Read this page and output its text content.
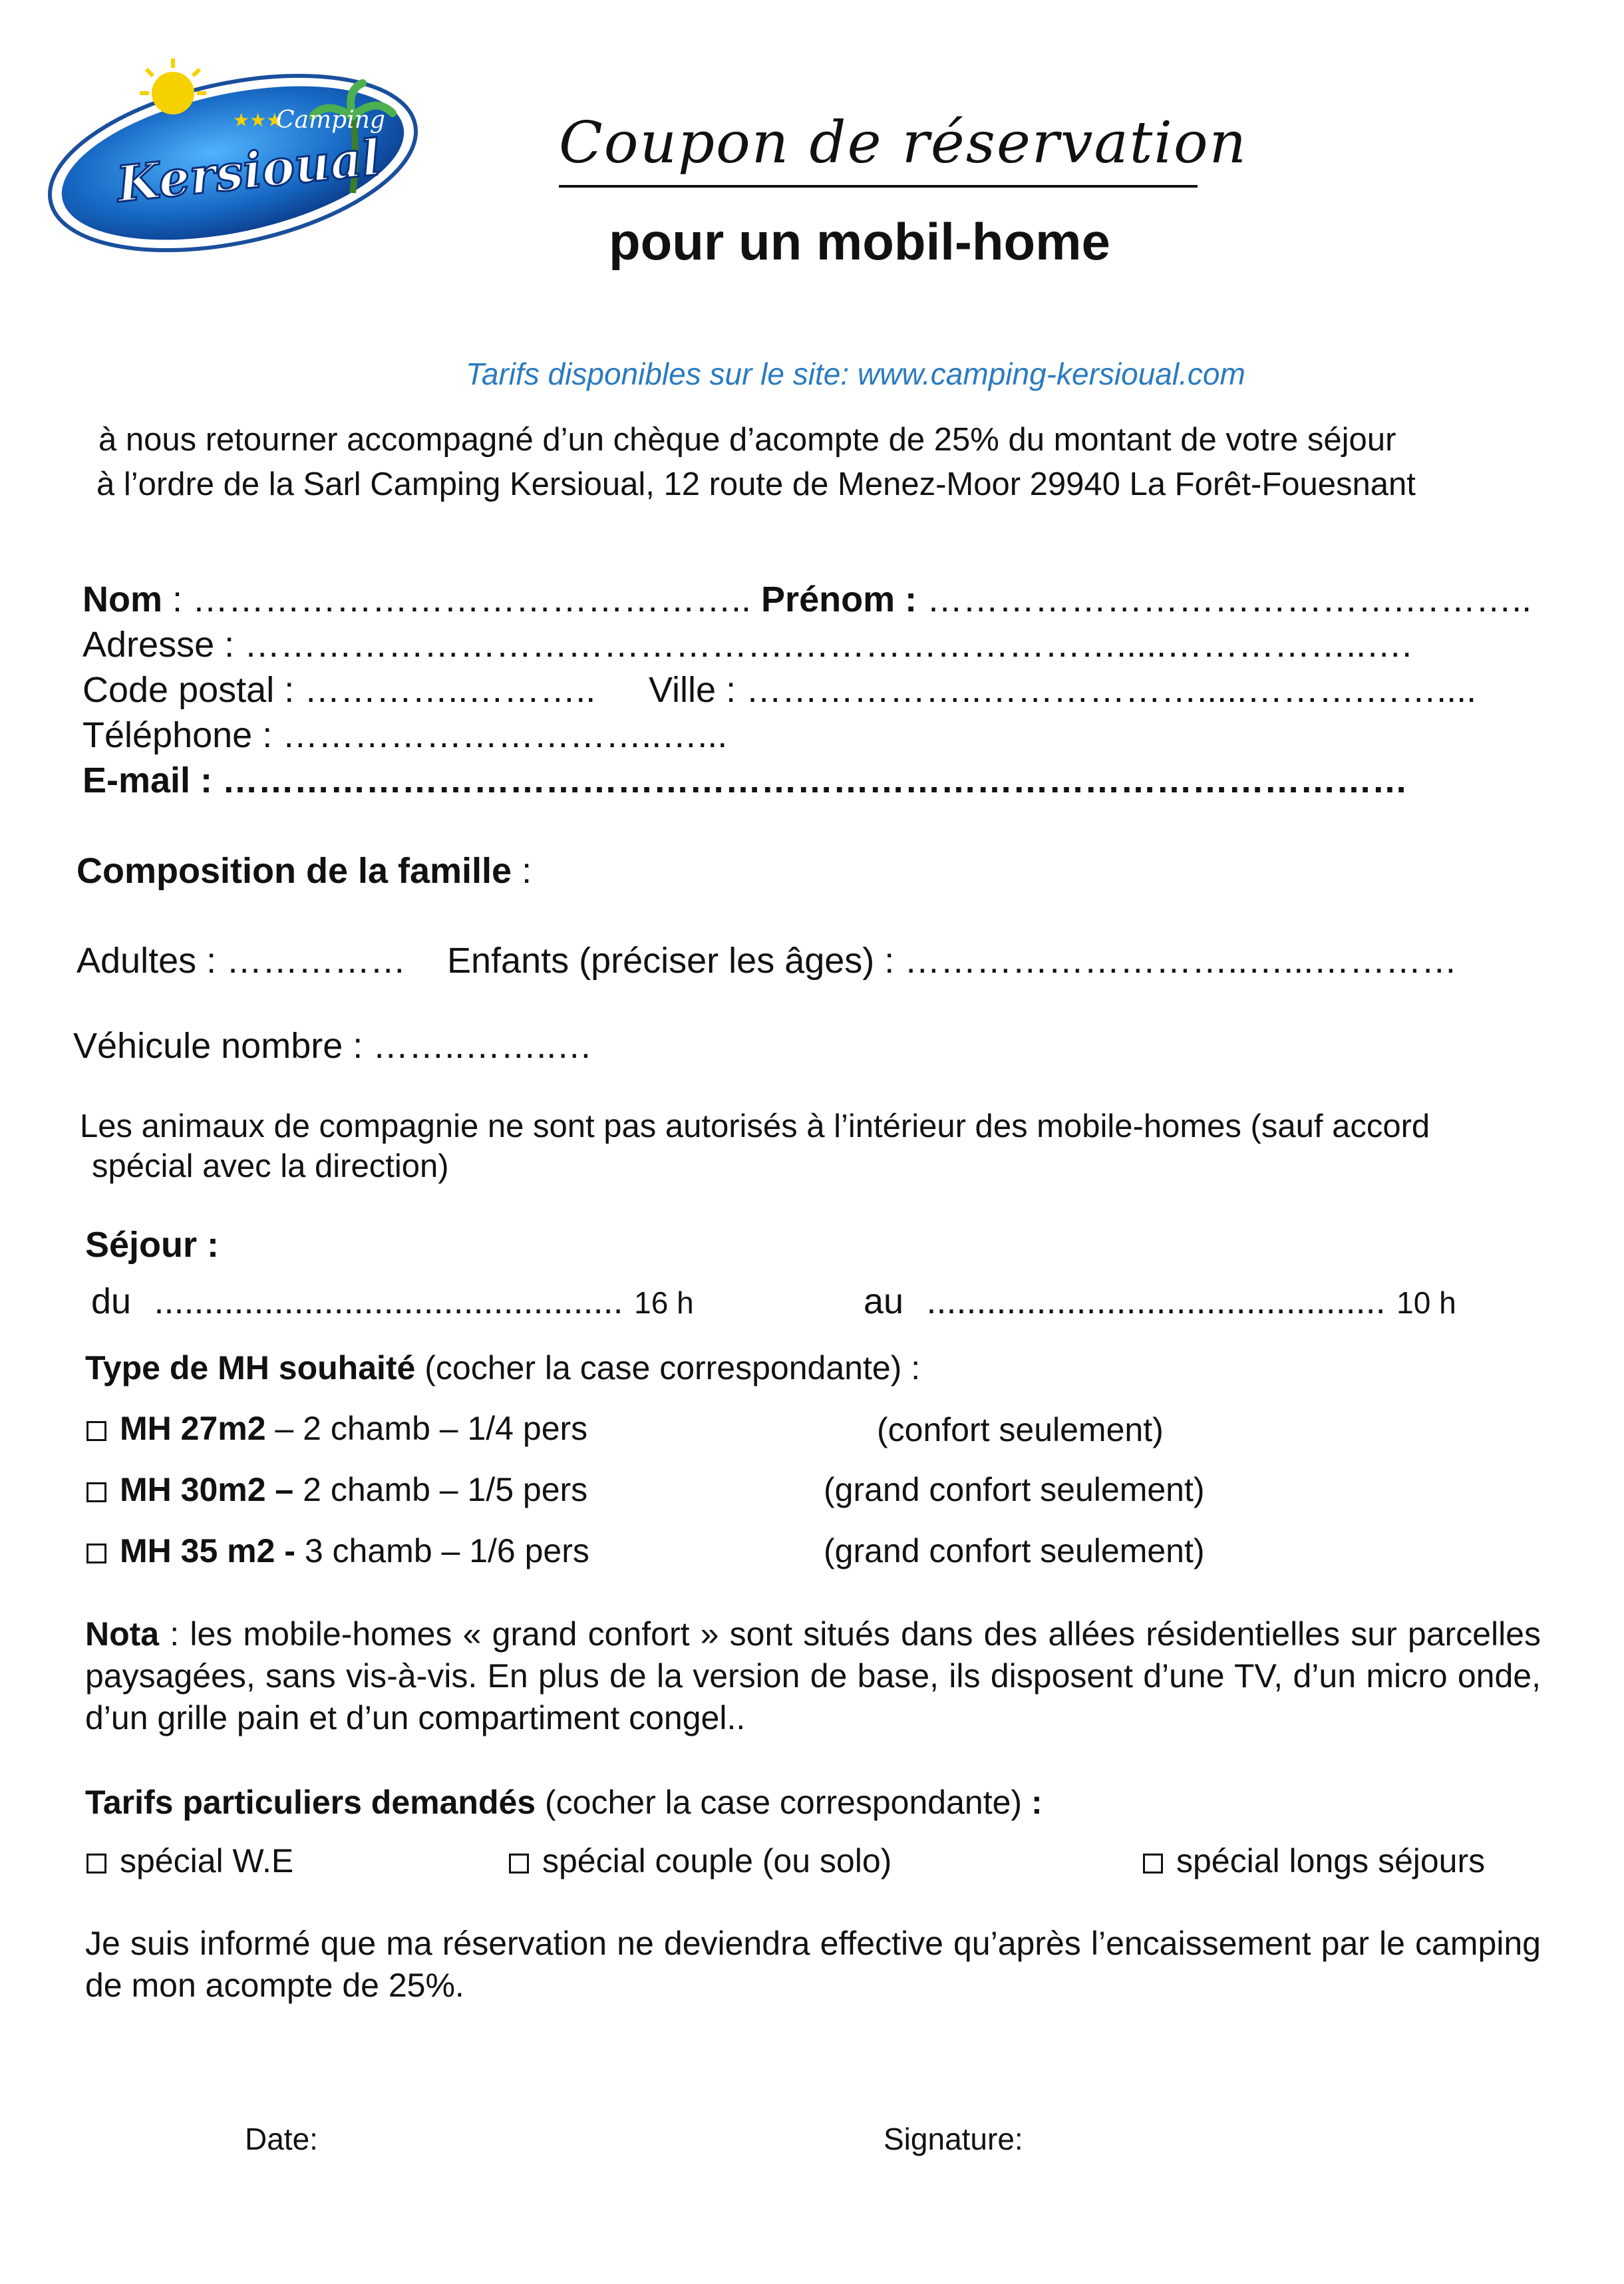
★★★
Camping
Kersioual	Coupon de réservation
pour un mobil-home
Tarifs disponibles sur le site: www.camping-kersioual.com
à nous retourner accompagné d’un chèque d’acompte de 25% du montant de votre séjour
à l’ordre de la Sarl Camping Kersioual, 12 route de Menez-Moor 29940 La Forêt-Fouesnant
Nom : ……………………………………….. Prénom : ………………………………….………..
Adresse : ……………………………………….……………………….....……………..….
Code postal : …………..……….. Ville : ………………..……………….....……….……....
Téléphone : …………………………..…...
E-mail : ………………………………………………………………………………………
Composition de la famille :
Adultes : …………… Enfants (préciser les âges) : ………………………..…...…………
Véhicule nombre : ……..……..…
Les animaux de compagnie ne sont pas autorisés à l’intérieur des mobile-homes (sauf accord
spécial avec la direction)
Séjour :
du ............................................... 16 h	au .............................................. 10 h
Type de MH souhaité (cocher la case correspondante) :
MH 27m2 – 2 chamb – 1/4 pers	(confort seulement)
MH 30m2 – 2 chamb – 1/5 pers	(grand confort seulement)
MH 35 m2 - 3 chamb – 1/6 pers	(grand confort seulement)
Nota : les mobile-homes « grand confort » sont situés dans des allées résidentielles sur parcelles paysagées, sans vis-à-vis. En plus de la version de base, ils disposent d’une TV, d’un micro onde, d’un grille pain et d’un compartiment congel..
Tarifs particuliers demandés (cocher la case correspondante) :
spécial W.E	spécial couple (ou solo)	spécial longs séjours
Je suis informé que ma réservation ne deviendra effective qu’après l’encaissement par le camping de mon acompte de 25%.
Date:	Signature:
